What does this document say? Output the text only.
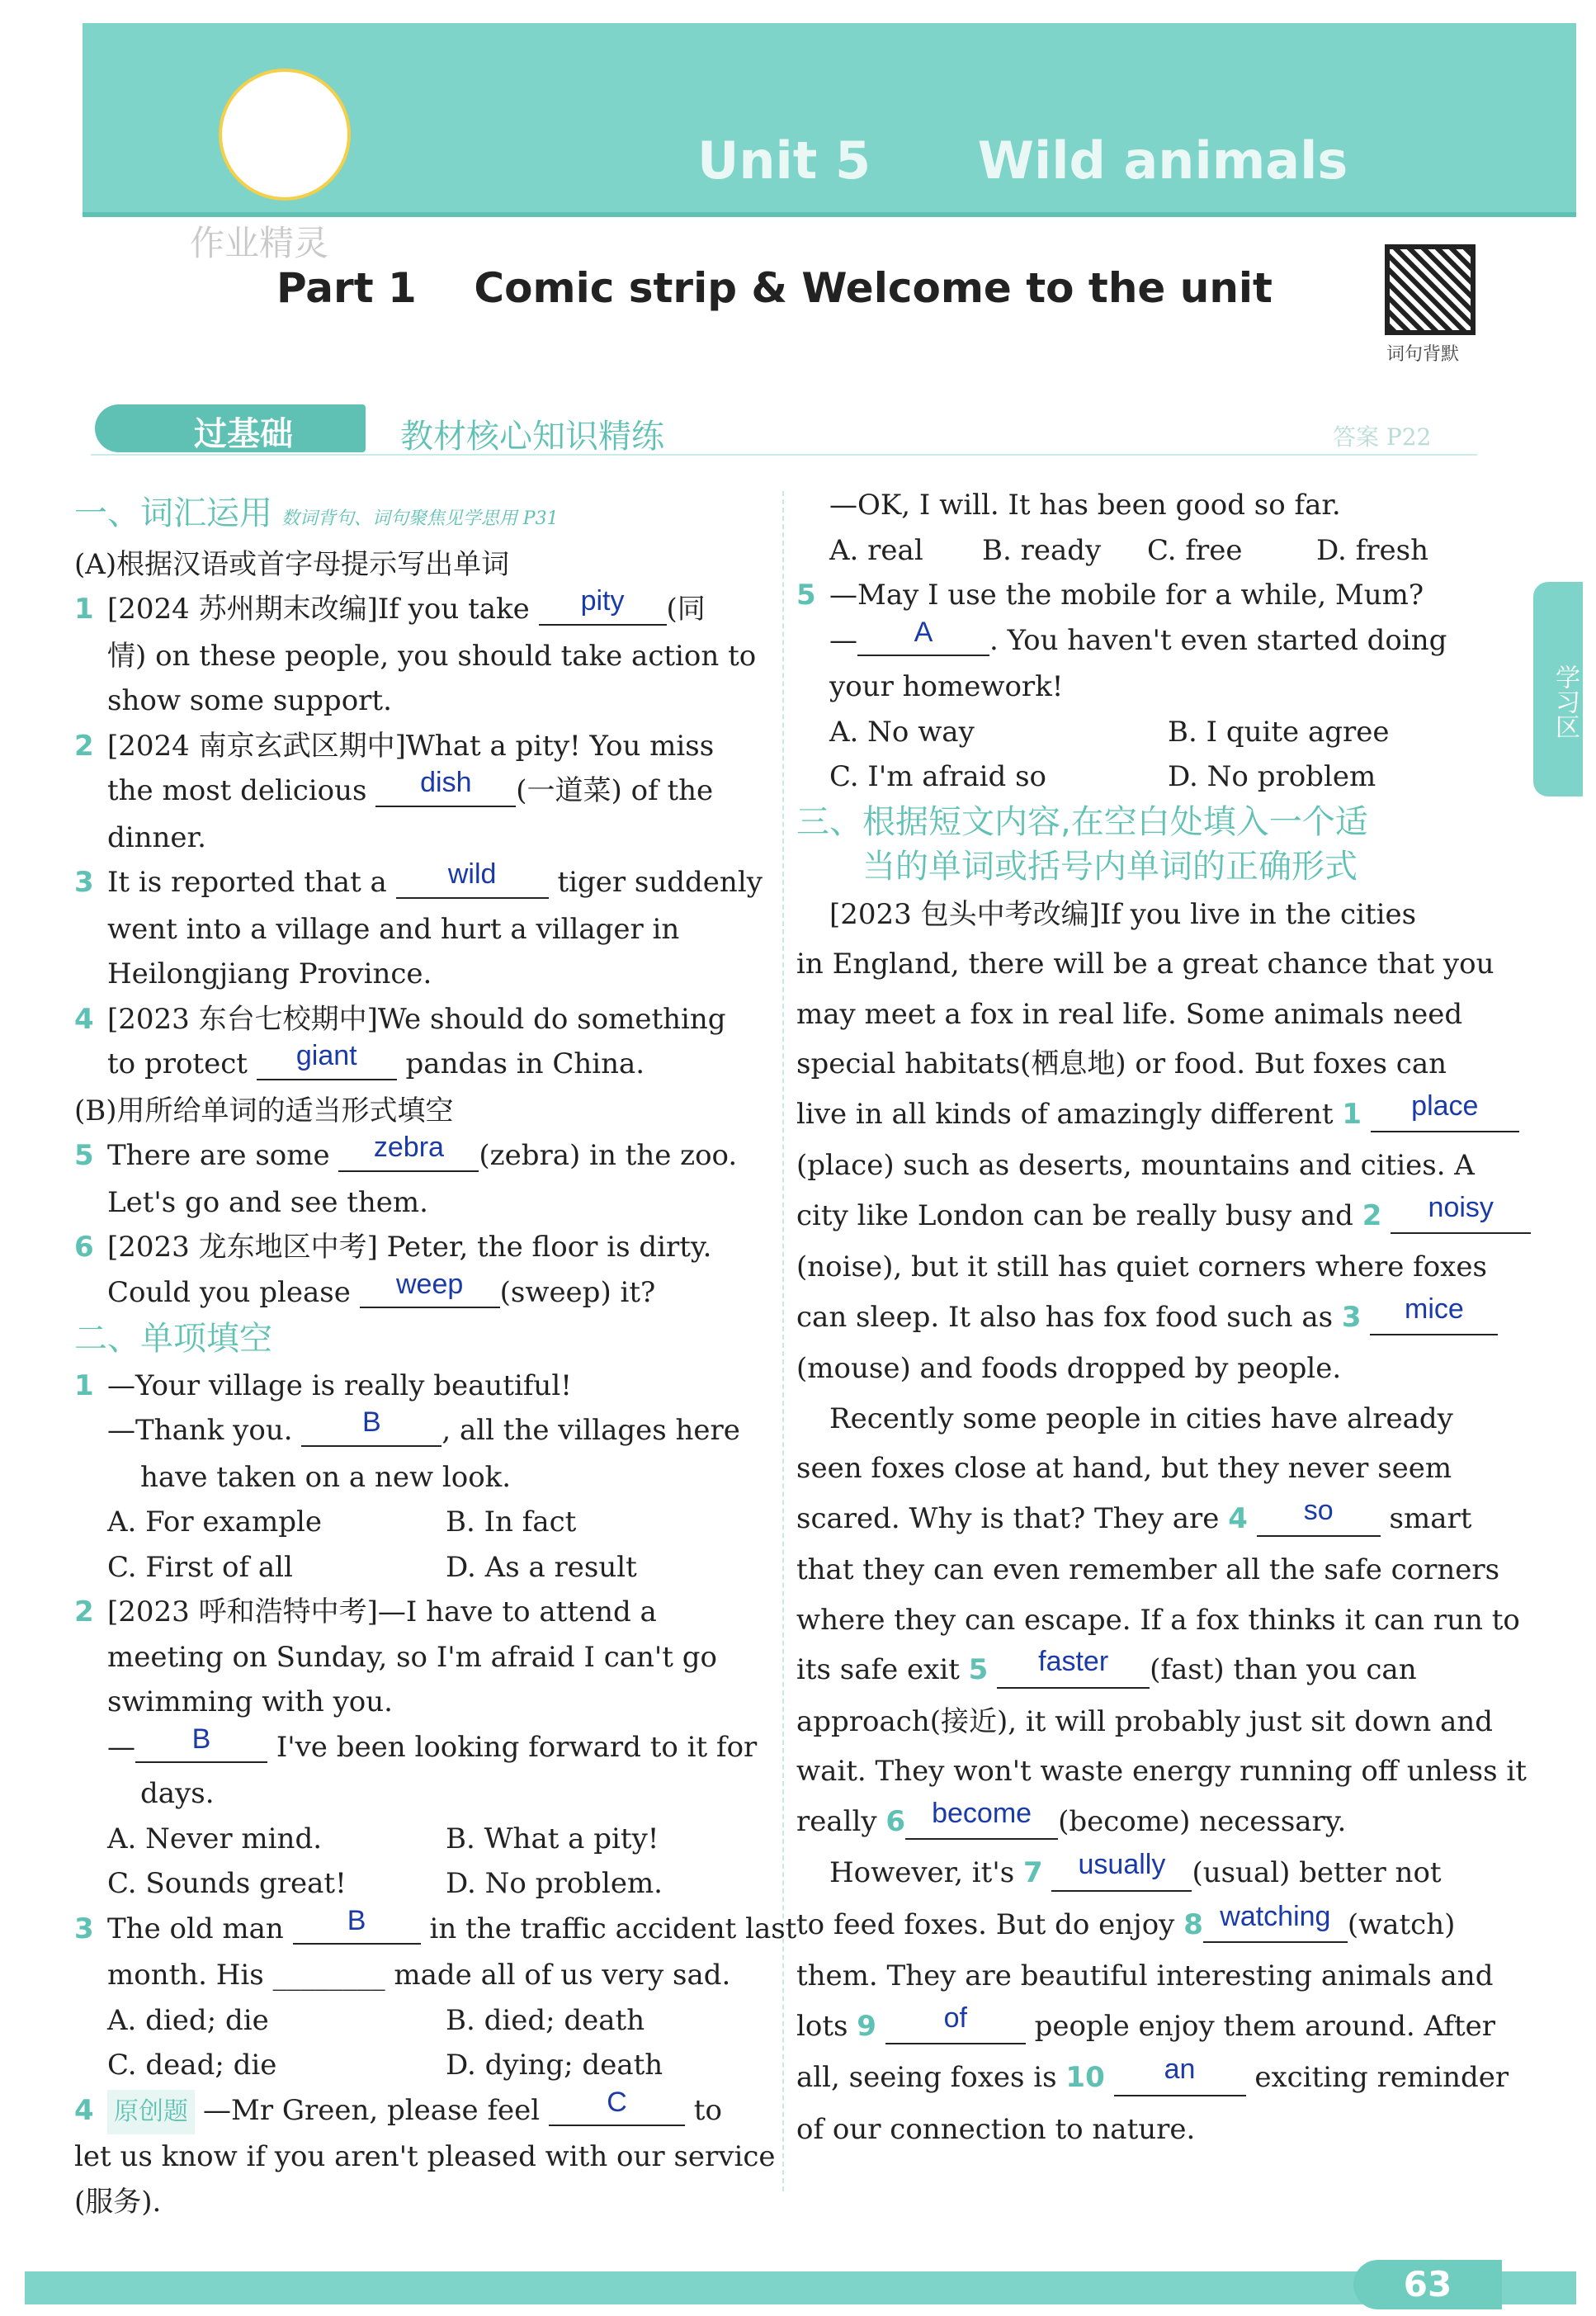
Unit 5      Wild animals
作业精灵
Part 1    Comic strip & Welcome to the unit
词句背默
过基础	教材核心知识精练	答案 P22
学习区
一、词汇运用 数词背句、词句聚焦见学思用 P31
(A)根据汉语或首字母提示写出单词
1 [2024 苏州期末改编]If you take pity (同
情) on these people, you should take action to
show some support.
2 [2024 南京玄武区期中]What a pity! You miss
the most delicious dish (一道菜) of the
dinner.
3 It is reported that a wild tiger suddenly
went into a village and hurt a villager in
Heilongjiang Province.
4 [2023 东台七校期中]We should do something
to protect giant pandas in China.
(B)用所给单词的适当形式填空
5 There are some zebra (zebra) in the zoo.
Let's go and see them.
6 [2023 龙东地区中考] Peter, the floor is dirty.
Could you please weep (sweep) it?
二、单项填空
1 —Your village is really beautiful!
—Thank you. B , all the villages here
have taken on a new look.
A. For example	B. In fact
C. First of all	D. As a result
2 [2023 呼和浩特中考]—I have to attend a
meeting on Sunday, so I'm afraid I can't go
swimming with you.
— B I've been looking forward to it for
days.
A. Never mind.	B. What a pity!
C. Sounds great!	D. No problem.
3 The old man B in the traffic accident last
month. His ________ made all of us very sad.
A. died; die	B. died; death
C. dead; die	D. dying; death
4 原创题 —Mr Green, please feel C to
let us know if you aren't pleased with our service
(服务).
—OK, I will. It has been good so far.
A. real	B. ready	C. free	D. fresh
5 —May I use the mobile for a while, Mum?
— A . You haven't even started doing
your homework!
A. No way	B. I quite agree
C. I'm afraid so	D. No problem
三、根据短文内容,在空白处填入一个适
当的单词或括号内单词的正确形式
[2023 包头中考改编]If you live in the cities
in England, there will be a great chance that you
may meet a fox in real life. Some animals need
special habitats(栖息地) or food. But foxes can
live in all kinds of amazingly different 1 place
(place) such as deserts, mountains and cities. A
city like London can be really busy and 2 noisy
(noise), but it still has quiet corners where foxes
can sleep. It also has fox food such as 3 mice
(mouse) and foods dropped by people.
Recently some people in cities have already
seen foxes close at hand, but they never seem
scared. Why is that? They are 4 so smart
that they can even remember all the safe corners
where they can escape. If a fox thinks it can run to
its safe exit 5 faster (fast) than you can
approach(接近), it will probably just sit down and
wait. They won't waste energy running off unless it
really 6 become (become) necessary.
However, it's 7 usually (usual) better not
to feed foxes. But do enjoy 8 watching (watch)
them. They are beautiful interesting animals and
lots 9 of people enjoy them around. After
all, seeing foxes is 10 an exciting reminder
of our connection to nature.
63
